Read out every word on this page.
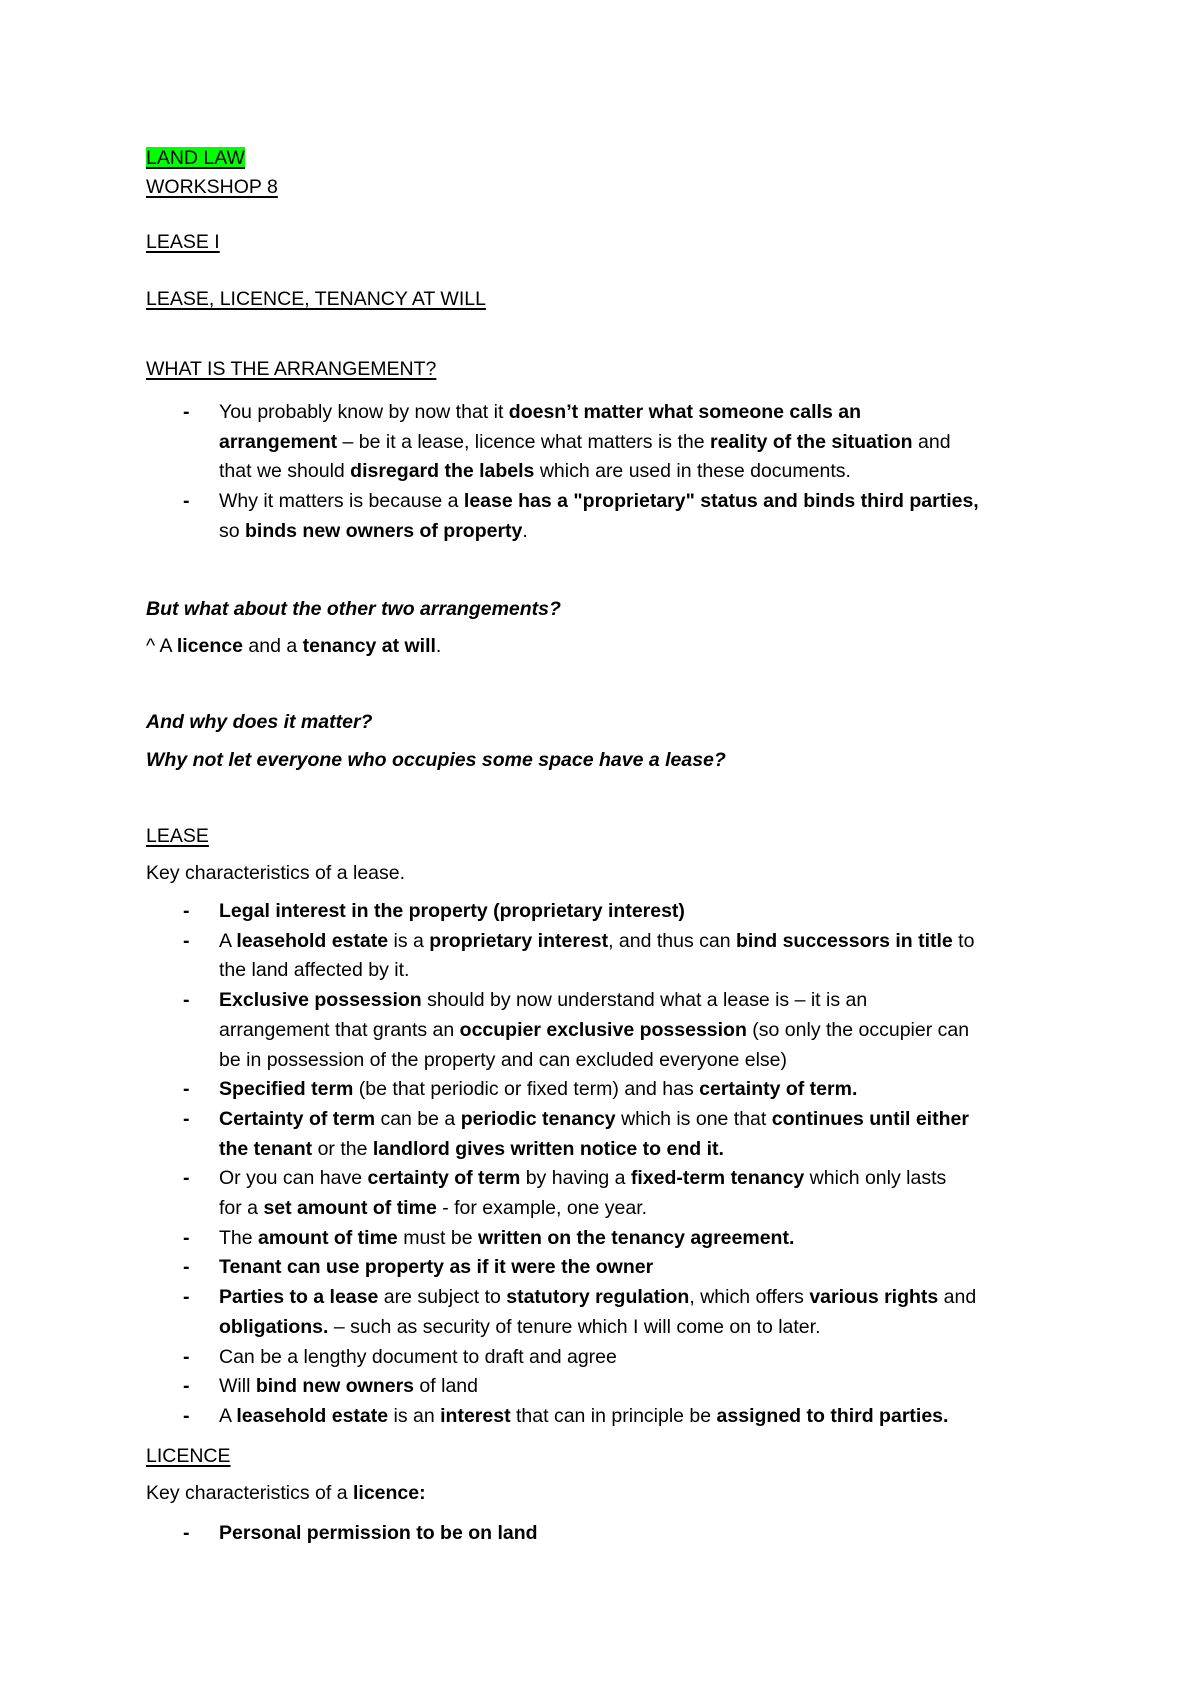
LAND LAW
WORKSHOP 8
LEASE I
LEASE, LICENCE, TENANCY AT WILL
WHAT IS THE ARRANGEMENT?
- You probably know by now that it doesn’t matter what someone calls an
arrangement – be it a lease, licence what matters is the reality of the situation and
that we should disregard the labels which are used in these documents.
- Why it matters is because a lease has a "proprietary" status and binds third parties,
so binds new owners of property.
But what about the other two arrangements?
^ A licence and a tenancy at will.
And why does it matter?
Why not let everyone who occupies some space have a lease?
LEASE
Key characteristics of a lease.
- Legal interest in the property (proprietary interest)
- A leasehold estate is a proprietary interest, and thus can bind successors in title to
the land affected by it.
- Exclusive possession should by now understand what a lease is – it is an
arrangement that grants an occupier exclusive possession (so only the occupier can
be in possession of the property and can excluded everyone else)
- Specified term (be that periodic or fixed term) and has certainty of term.
- Certainty of term can be a periodic tenancy which is one that continues until either
the tenant or the landlord gives written notice to end it.
- Or you can have certainty of term by having a fixed-term tenancy which only lasts
for a set amount of time - for example, one year.
- The amount of time must be written on the tenancy agreement.
- Tenant can use property as if it were the owner
- Parties to a lease are subject to statutory regulation, which offers various rights and
obligations. – such as security of tenure which I will come on to later.
- Can be a lengthy document to draft and agree
- Will bind new owners of land
- A leasehold estate is an interest that can in principle be assigned to third parties.
LICENCE
Key characteristics of a licence:
- Personal permission to be on land
